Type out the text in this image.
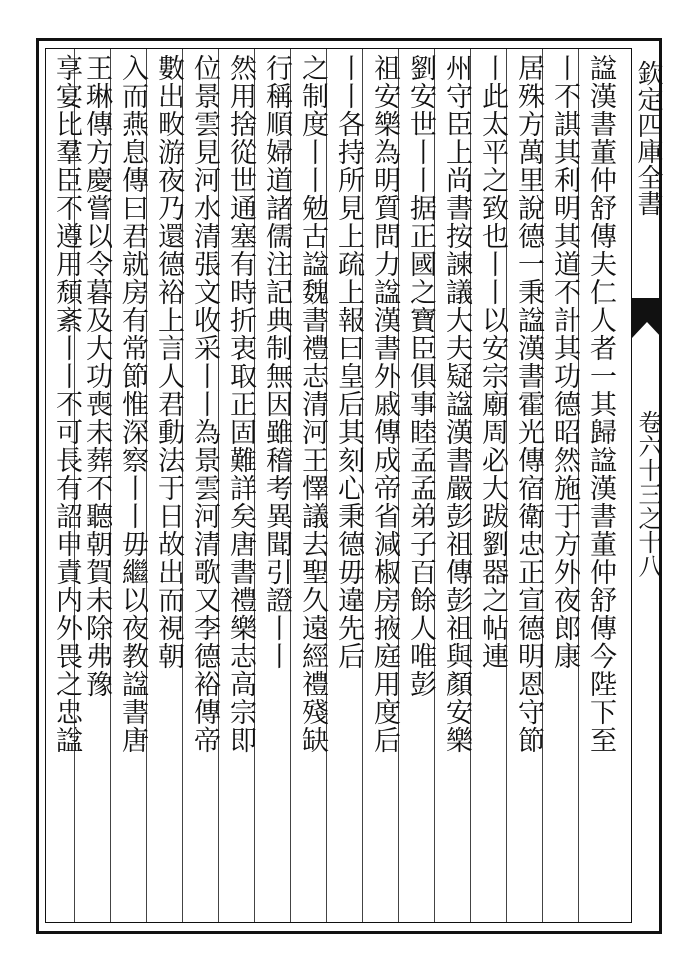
欽定四庫全書
卷六十三之十八
諡漢書董仲舒傳夫仁人者一其歸諡漢書董仲舒傳今陛下至
丨不諆其利明其道不計其功德昭然施于方外夜郎康
居殊方萬里說德一秉諡漢書霍光傳宿衛忠正宣德明恩守節
丨此太平之致也丨丨以安宗廟周必大跋劉器之帖連
州守臣上尚書按諫議大夫疑諡漢書嚴彭祖傳彭祖與顏安樂
劉安世丨丨据正國之寶臣俱事睦孟孟弟子百餘人唯彭
祖安樂為明質問力諡漢書外戚傳成帝省減椒房掖庭用度后
丨丨各持所見上疏上報曰皇后其刻心秉德毋違先后
之制度丨丨勉古諡魏書禮志清河王懌議去聖久遠經禮殘缺
行稱順婦道諸儒注記典制無因雖稽考異聞引證丨丨
然用捨從世通塞有時折衷取正固難詳矣唐書禮樂志高宗即
位景雲見河水清張文收采丨丨為景雲河清歌又李德裕傳帝
數出畋游夜乃還德裕上言人君動法于日故出而視朝
入而燕息傳曰君就房有常節惟深察丨丨毋繼以夜教諡書唐
王琳傳方慶嘗以令暮及大功喪未葬不聽朝賀未除弗豫
享宴比羣臣不遵用頹紊丨丨不可長有詔申責内外畏之忠諡
